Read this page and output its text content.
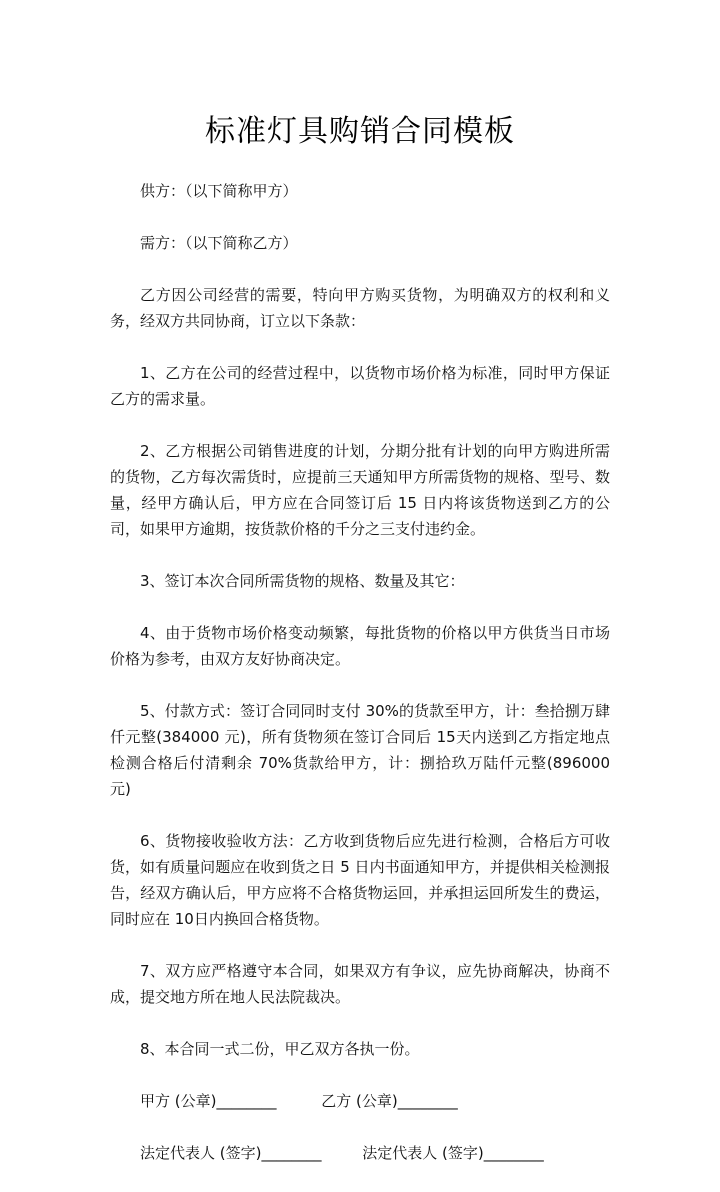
标准灯具购销合同模板

供方：（以下简称甲方）

需方：（以下简称乙方）

乙方因公司经营的需要，特向甲方购买货物，为明确双方的权利和义务，经双方共同协商，订立以下条款：

1、乙方在公司的经营过程中，以货物市场价格为标准，同时甲方保证乙方的需求量。

2、乙方根据公司销售进度的计划，分期分批有计划的向甲方购进所需的货物，乙方每次需货时，应提前三天通知甲方所需货物的规格、型号、数量，经甲方确认后，甲方应在合同签订后 15 日内将该货物送到乙方的公司，如果甲方逾期，按货款价格的千分之三支付违约金。

3、签订本次合同所需货物的规格、数量及其它：

4、由于货物市场价格变动频繁，每批货物的价格以甲方供货当日市场价格为参考，由双方友好协商决定。

5、付款方式：签订合同同时支付 30%的货款至甲方，计：叁拾捌万肆仟元整(384000 元)，所有货物须在签订合同后 15天内送到乙方指定地点检测合格后付清剩余 70%货款给甲方，计：捌拾玖万陆仟元整(896000 元)

6、货物接收验收方法：乙方收到货物后应先进行检测，合格后方可收货，如有质量问题应在收到货之日 5 日内书面通知甲方，并提供相关检测报告，经双方确认后，甲方应将不合格货物运回，并承担运回所发生的费运，同时应在 10日内换回合格货物。

7、双方应严格遵守本合同，如果双方有争议，应先协商解决，协商不成，提交地方所在地人民法院裁决。

8、本合同一式二份，甲乙双方各执一份。

甲方 (公章)________	乙方 (公章)________
法定代表人 (签字)________	法定代表人 (签字)________
